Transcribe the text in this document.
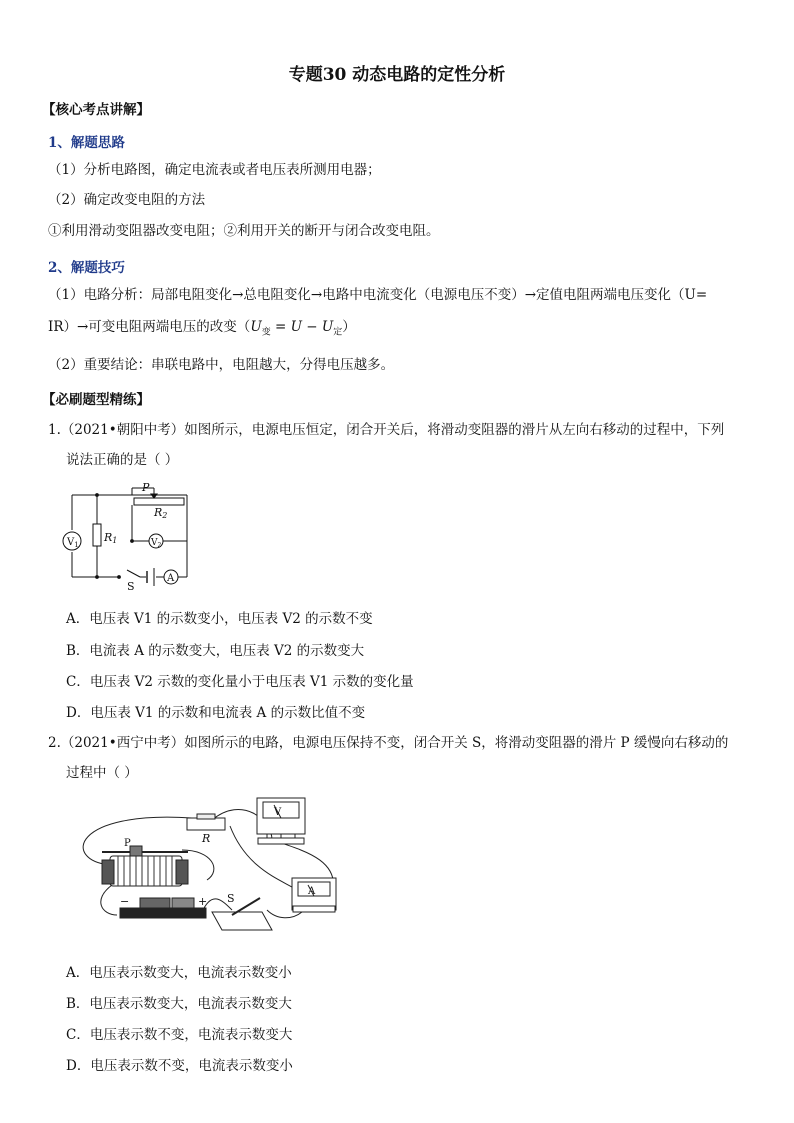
专题30 动态电路的定性分析
【核心考点讲解】
1、解题思路
（1）分析电路图，确定电流表或者电压表所测用电器；
（2）确定改变电阻的方法
①利用滑动变阻器改变电阻；②利用开关的断开与闭合改变电阻。
2、解题技巧
（1）电路分析：局部电阻变化→总电阻变化→电路中电流变化（电源电压不变）→定值电阻两端电压变化（U=
IR）→可变电阻两端电压的改变$(U_变 = U - U_定)$
（2）重要结论：串联电路中，电阻越大，分得电压越多。
【必刷题型精练】
1.（2021•朝阳中考）如图所示，电源电压恒定，闭合开关后，将滑动变阻器的滑片从左向右移动的过程中，下列
说法正确的是（ ）
P
R2
R1
$V_1$	$V_2$
A
S
A．电压表 V1 的示数变小，电压表 V2 的示数不变
B．电流表 A 的示数变大，电压表 V2 的示数变大
C．电压表 V2 示数的变化量小于电压表 V1 示数的变化量
D．电压表 V1 的示数和电流表 A 的示数比值不变
2.（2021•西宁中考）如图所示的电路，电源电压保持不变，闭合开关 S，将滑动变阻器的滑片 P 缓慢向右移动的
过程中（ ）
P	R
S
V
A
−	+
A．电压表示数变大，电流表示数变小
B．电压表示数变大，电流表示数变大
C．电压表示数不变，电流表示数变大
D．电压表示数不变，电流表示数变小
